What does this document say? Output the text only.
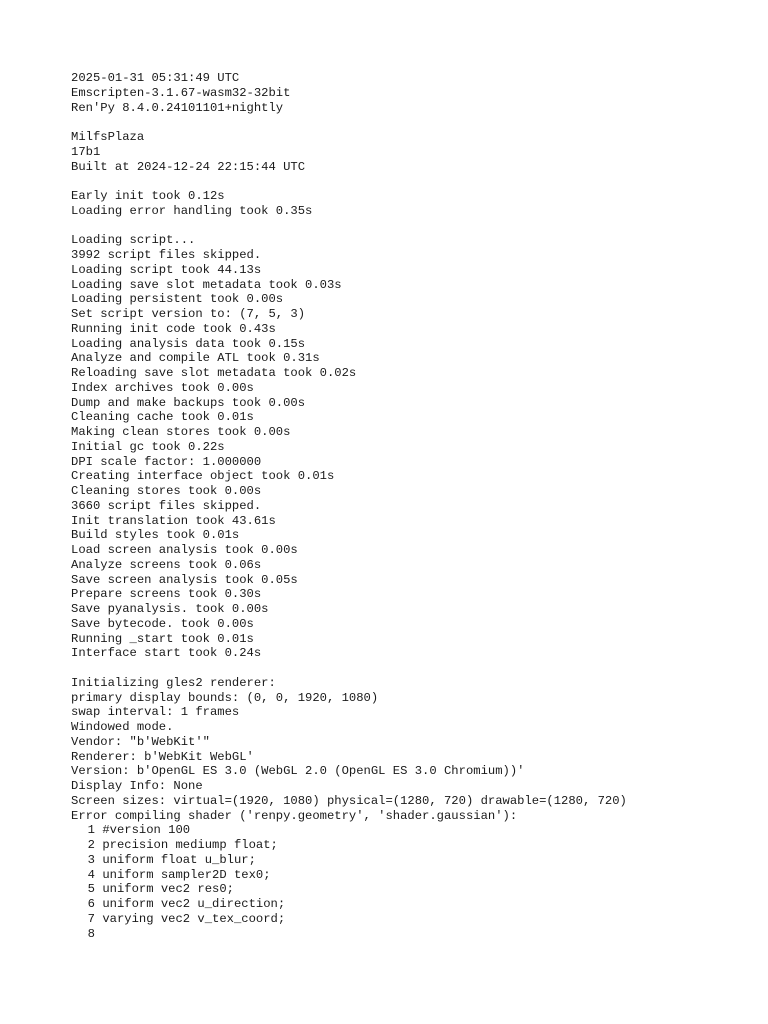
2025-01-31 05:31:49 UTC
Emscripten-3.1.67-wasm32-32bit
Ren'Py 8.4.0.24101101+nightly
MilfsPlaza
17b1
Built at 2024-12-24 22:15:44 UTC
Early init took 0.12s
Loading error handling took 0.35s
Loading script...
3992 script files skipped.
Loading script took 44.13s
Loading save slot metadata took 0.03s
Loading persistent took 0.00s
Set script version to: (7, 5, 3)
Running init code took 0.43s
Loading analysis data took 0.15s
Analyze and compile ATL took 0.31s
Reloading save slot metadata took 0.02s
Index archives took 0.00s
Dump and make backups took 0.00s
Cleaning cache took 0.01s
Making clean stores took 0.00s
Initial gc took 0.22s
DPI scale factor: 1.000000
Creating interface object took 0.01s
Cleaning stores took 0.00s
3660 script files skipped.
Init translation took 43.61s
Build styles took 0.01s
Load screen analysis took 0.00s
Analyze screens took 0.06s
Save screen analysis took 0.05s
Prepare screens took 0.30s
Save pyanalysis. took 0.00s
Save bytecode. took 0.00s
Running _start took 0.01s
Interface start took 0.24s
Initializing gles2 renderer:
primary display bounds: (0, 0, 1920, 1080)
swap interval: 1 frames
Windowed mode.
Vendor: "b'WebKit'"
Renderer: b'WebKit WebGL'
Version: b'OpenGL ES 3.0 (WebGL 2.0 (OpenGL ES 3.0 Chromium))'
Display Info: None
Screen sizes: virtual=(1920, 1080) physical=(1280, 720) drawable=(1280, 720)
Error compiling shader ('renpy.geometry', 'shader.gaussian'):
1 #version 100
2 precision mediump float;
3 uniform float u_blur;
4 uniform sampler2D tex0;
5 uniform vec2 res0;
6 uniform vec2 u_direction;
7 varying vec2 v_tex_coord;
8
